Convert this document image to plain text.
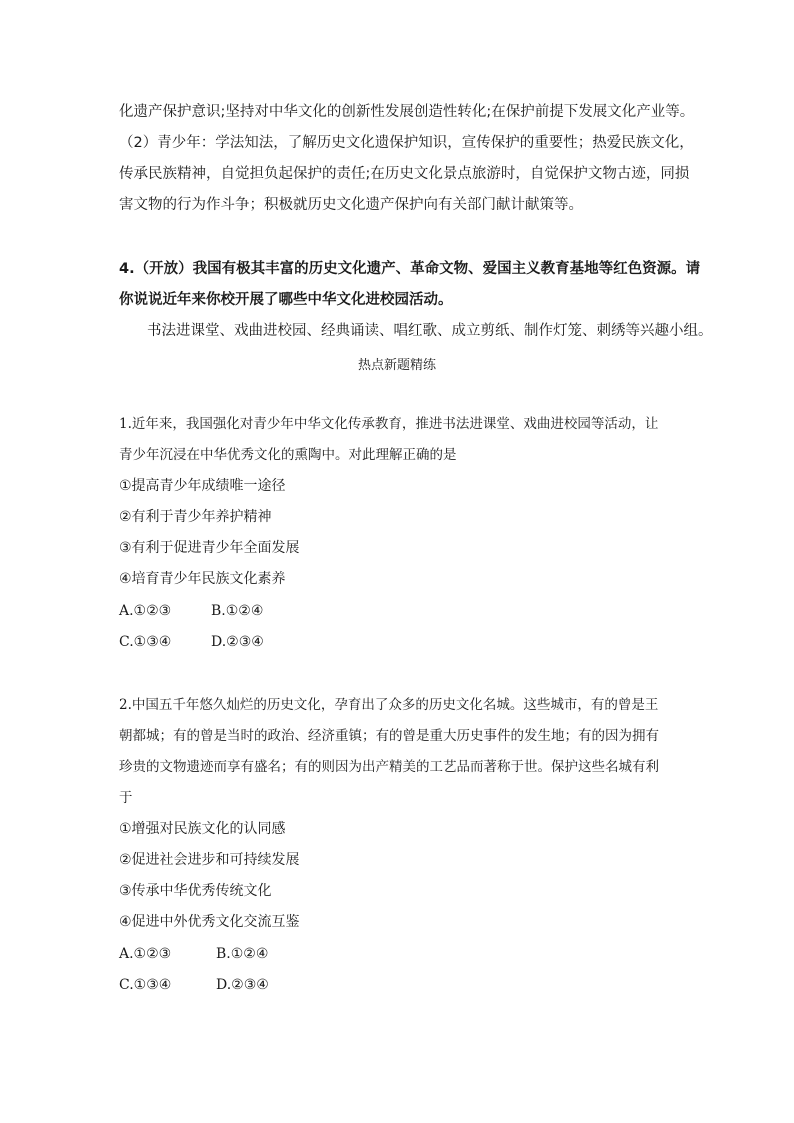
化遗产保护意识;坚持对中华文化的创新性发展创造性转化;在保护前提下发展文化产业等。
（2）青少年：学法知法，了解历史文化遗保护知识，宣传保护的重要性；热爱民族文化，
传承民族精神，自觉担负起保护的责任;在历史文化景点旅游时，自觉保护文物古迹，同损
害文物的行为作斗争；积极就历史文化遗产保护向有关部门献计献策等。
4.（开放）我国有极其丰富的历史文化遗产、革命文物、爱国主义教育基地等红色资源。请
你说说近年来你校开展了哪些中华文化进校园活动。
书法进课堂、戏曲进校园、经典诵读、唱红歌、成立剪纸、制作灯笼、刺绣等兴趣小组。
热点新题精练
1.近年来，我国强化对青少年中华文化传承教育，推进书法进课堂、戏曲进校园等活动，让
青少年沉浸在中华优秀文化的熏陶中。对此理解正确的是
①提高青少年成绩唯一途径
②有利于青少年养护精神
③有利于促进青少年全面发展
④培育青少年民族文化素养
A.①②③	B.①②④
C.①③④	D.②③④
2.中国五千年悠久灿烂的历史文化，孕育出了众多的历史文化名城。这些城市，有的曾是王
朝都城；有的曾是当时的政治、经济重镇；有的曾是重大历史事件的发生地；有的因为拥有
珍贵的文物遗迹而享有盛名；有的则因为出产精美的工艺品而著称于世。保护这些名城有利
于
①增强对民族文化的认同感
②促进社会进步和可持续发展
③传承中华优秀传统文化
④促进中外优秀文化交流互鉴
A.①②③	B.①②④
C.①③④	D.②③④
